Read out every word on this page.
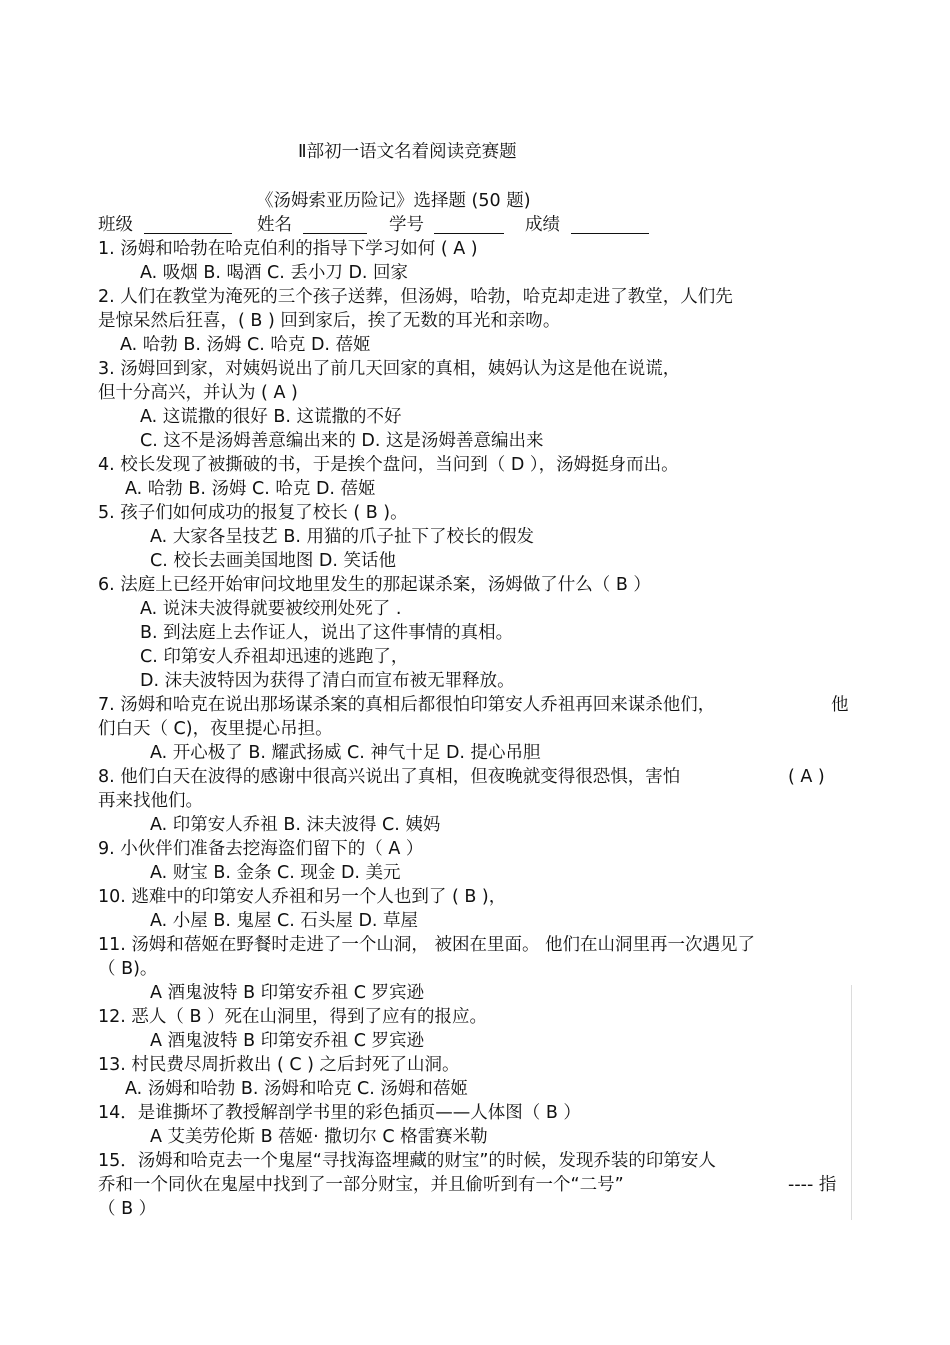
Ⅱ部初一语文名着阅读竞赛题
《汤姆索亚历险记》选择题 (50 题)
班级	姓名	学号	成绩
1. 汤姆和哈勃在哈克伯利的指导下学习如何 ( A )
A. 吸烟 B. 喝酒 C. 丢小刀 D. 回家
2. 人们在教堂为淹死的三个孩子送葬，但汤姆，哈勃，哈克却走进了教堂，人们先
是惊呆然后狂喜，( B ) 回到家后，挨了无数的耳光和亲吻。
A. 哈勃 B. 汤姆 C. 哈克 D. 蓓姬
3. 汤姆回到家，对姨妈说出了前几天回家的真相，姨妈认为这是他在说谎，
但十分高兴，并认为 ( A )
A. 这谎撒的很好 B. 这谎撒的不好
C. 这不是汤姆善意编出来的 D. 这是汤姆善意编出来
4. 校长发现了被撕破的书，于是挨个盘问，当问到（ D ），汤姆挺身而出。
A. 哈勃 B. 汤姆 C. 哈克 D. 蓓姬
5. 孩子们如何成功的报复了校长 ( B )。
A. 大家各呈技艺 B. 用猫的爪子扯下了校长的假发
C. 校长去画美国地图 D. 笑话他
6. 法庭上已经开始审问坟地里发生的那起谋杀案，汤姆做了什么（ B ）
A. 说沫夫波得就要被绞刑处死了 .
B. 到法庭上去作证人，说出了这件事情的真相。
C. 印第安人乔祖却迅速的逃跑了，
D. 沫夫波特因为获得了清白而宣布被无罪释放。
7. 汤姆和哈克在说出那场谋杀案的真相后都很怕印第安人乔祖再回来谋杀他们，	他
们白天（ C)，夜里提心吊担。
A. 开心极了 B. 耀武扬威 C. 神气十足 D. 提心吊胆
8. 他们白天在波得的感谢中很高兴说出了真相，但夜晚就变得很恐惧，害怕	( A )
再来找他们。
A. 印第安人乔祖 B. 沫夫波得 C. 姨妈
9. 小伙伴们准备去挖海盗们留下的（ A ）
A. 财宝 B. 金条 C. 现金 D. 美元
10. 逃难中的印第安人乔祖和另一个人也到了 ( B )，
A. 小屋 B. 鬼屋 C. 石头屋 D. 草屋
11. 汤姆和蓓姬在野餐时走进了一个山洞， 被困在里面。 他们在山洞里再一次遇见了
（ B)。
A 酒鬼波特 B 印第安乔祖 C 罗宾逊
12. 恶人（ B ）死在山洞里，得到了应有的报应。
A 酒鬼波特 B 印第安乔祖 C 罗宾逊
13. 村民费尽周折救出 ( C ) 之后封死了山洞。
A. 汤姆和哈勃 B. 汤姆和哈克 C. 汤姆和蓓姬
14．是谁撕坏了教授解剖学书里的彩色插页——人体图（ B ）
A 艾美劳伦斯 B 蓓姬· 撒切尔 C 格雷赛米勒
15．汤姆和哈克去一个鬼屋“寻找海盗埋藏的财宝”的时候，发现乔装的印第安人
乔和一个同伙在鬼屋中找到了一部分财宝，并且偷听到有一个“二号”	---- 指
（ B ）
